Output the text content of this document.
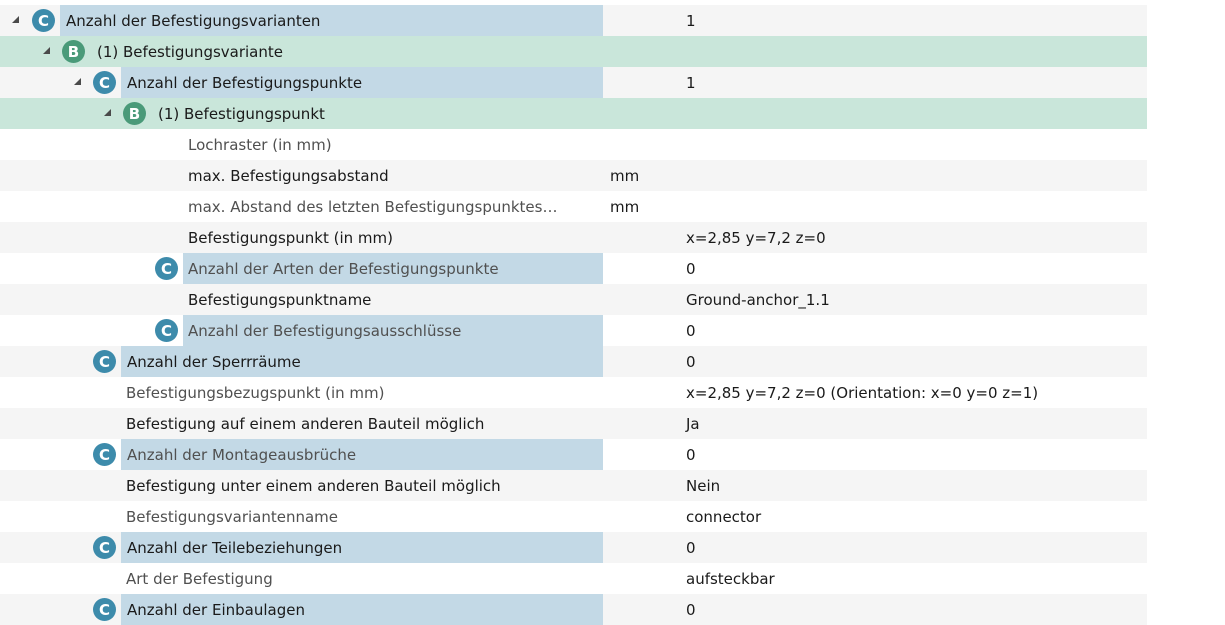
C	Anzahl der Befestigungsvarianten	1
B	(1) Befestigungsvariante
C	Anzahl der Befestigungspunkte	1
B	(1) Befestigungspunkt
Lochraster (in mm)
max. Befestigungsabstand	mm
max. Abstand des letzten Befestigungspunktes…	mm
Befestigungspunkt (in mm)	x=2,85 y=7,2 z=0
C	Anzahl der Arten der Befestigungspunkte	0
Befestigungspunktname	Ground-anchor_1.1
C	Anzahl der Befestigungsausschlüsse	0
C	Anzahl der Sperrräume	0
Befestigungsbezugspunkt (in mm)	x=2,85 y=7,2 z=0 (Orientation: x=0 y=0 z=1)
Befestigung auf einem anderen Bauteil möglich	Ja
C	Anzahl der Montageausbrüche	0
Befestigung unter einem anderen Bauteil möglich	Nein
Befestigungsvariantenname	connector
C	Anzahl der Teilebeziehungen	0
Art der Befestigung	aufsteckbar
C	Anzahl der Einbaulagen	0
